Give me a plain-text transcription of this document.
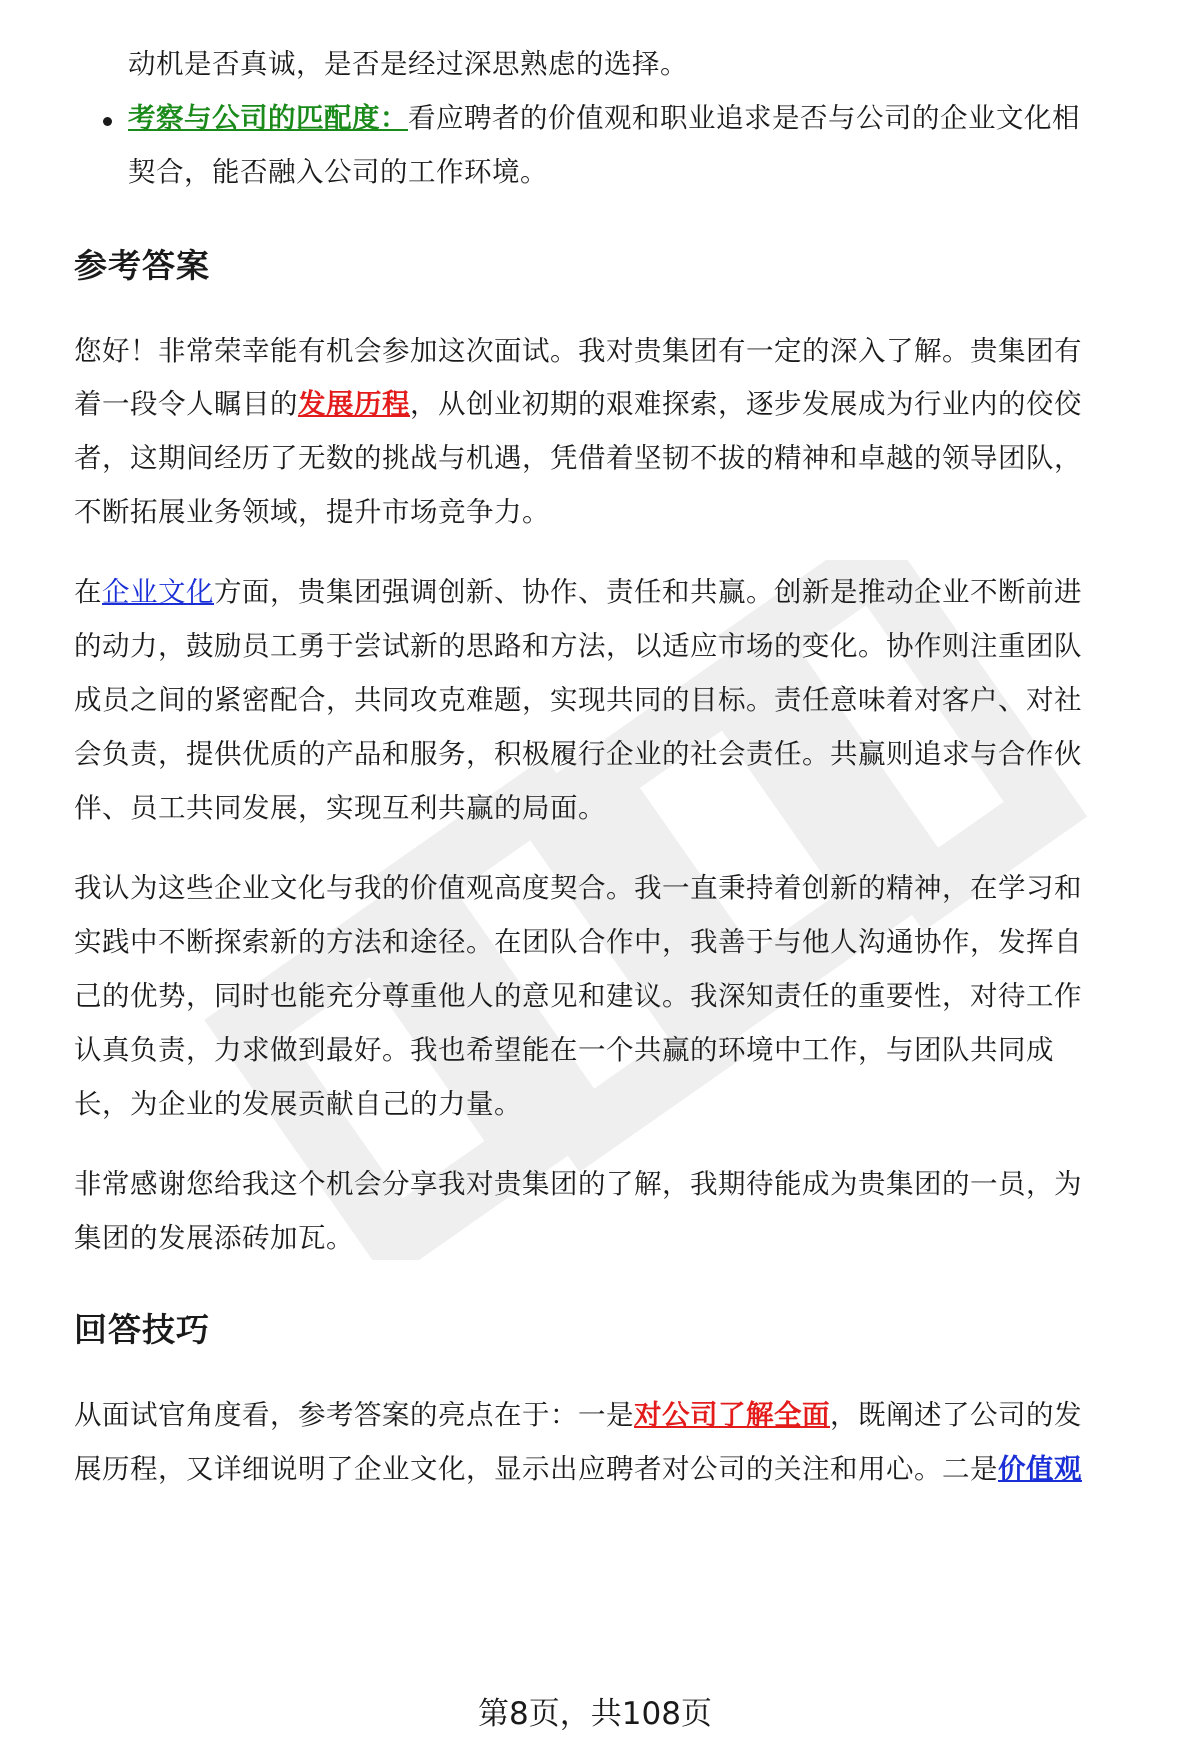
动机是否真诚，是否是经过深思熟虑的选择。

考察与公司的匹配度：看应聘者的价值观和职业追求是否与公司的企业文化相

契合，能否融入公司的工作环境。

参考答案

您好！非常荣幸能有机会参加这次面试。我对贵集团有一定的深入了解。贵集团有

着一段令人瞩目的发展历程，从创业初期的艰难探索，逐步发展成为行业内的佼佼

者，这期间经历了无数的挑战与机遇，凭借着坚韧不拔的精神和卓越的领导团队，

不断拓展业务领域，提升市场竞争力。

在企业文化方面，贵集团强调创新、协作、责任和共赢。创新是推动企业不断前进

的动力，鼓励员工勇于尝试新的思路和方法，以适应市场的变化。协作则注重团队

成员之间的紧密配合，共同攻克难题，实现共同的目标。责任意味着对客户、对社

会负责，提供优质的产品和服务，积极履行企业的社会责任。共赢则追求与合作伙

伴、员工共同发展，实现互利共赢的局面。

我认为这些企业文化与我的价值观高度契合。我一直秉持着创新的精神，在学习和

实践中不断探索新的方法和途径。在团队合作中，我善于与他人沟通协作，发挥自

己的优势，同时也能充分尊重他人的意见和建议。我深知责任的重要性，对待工作

认真负责，力求做到最好。我也希望能在一个共赢的环境中工作，与团队共同成

长，为企业的发展贡献自己的力量。

非常感谢您给我这个机会分享我对贵集团的了解，我期待能成为贵集团的一员，为

集团的发展添砖加瓦。

回答技巧

从面试官角度看，参考答案的亮点在于：一是对公司了解全面，既阐述了公司的发

展历程，又详细说明了企业文化，显示出应聘者对公司的关注和用心。二是价值观

第8页，共108页
